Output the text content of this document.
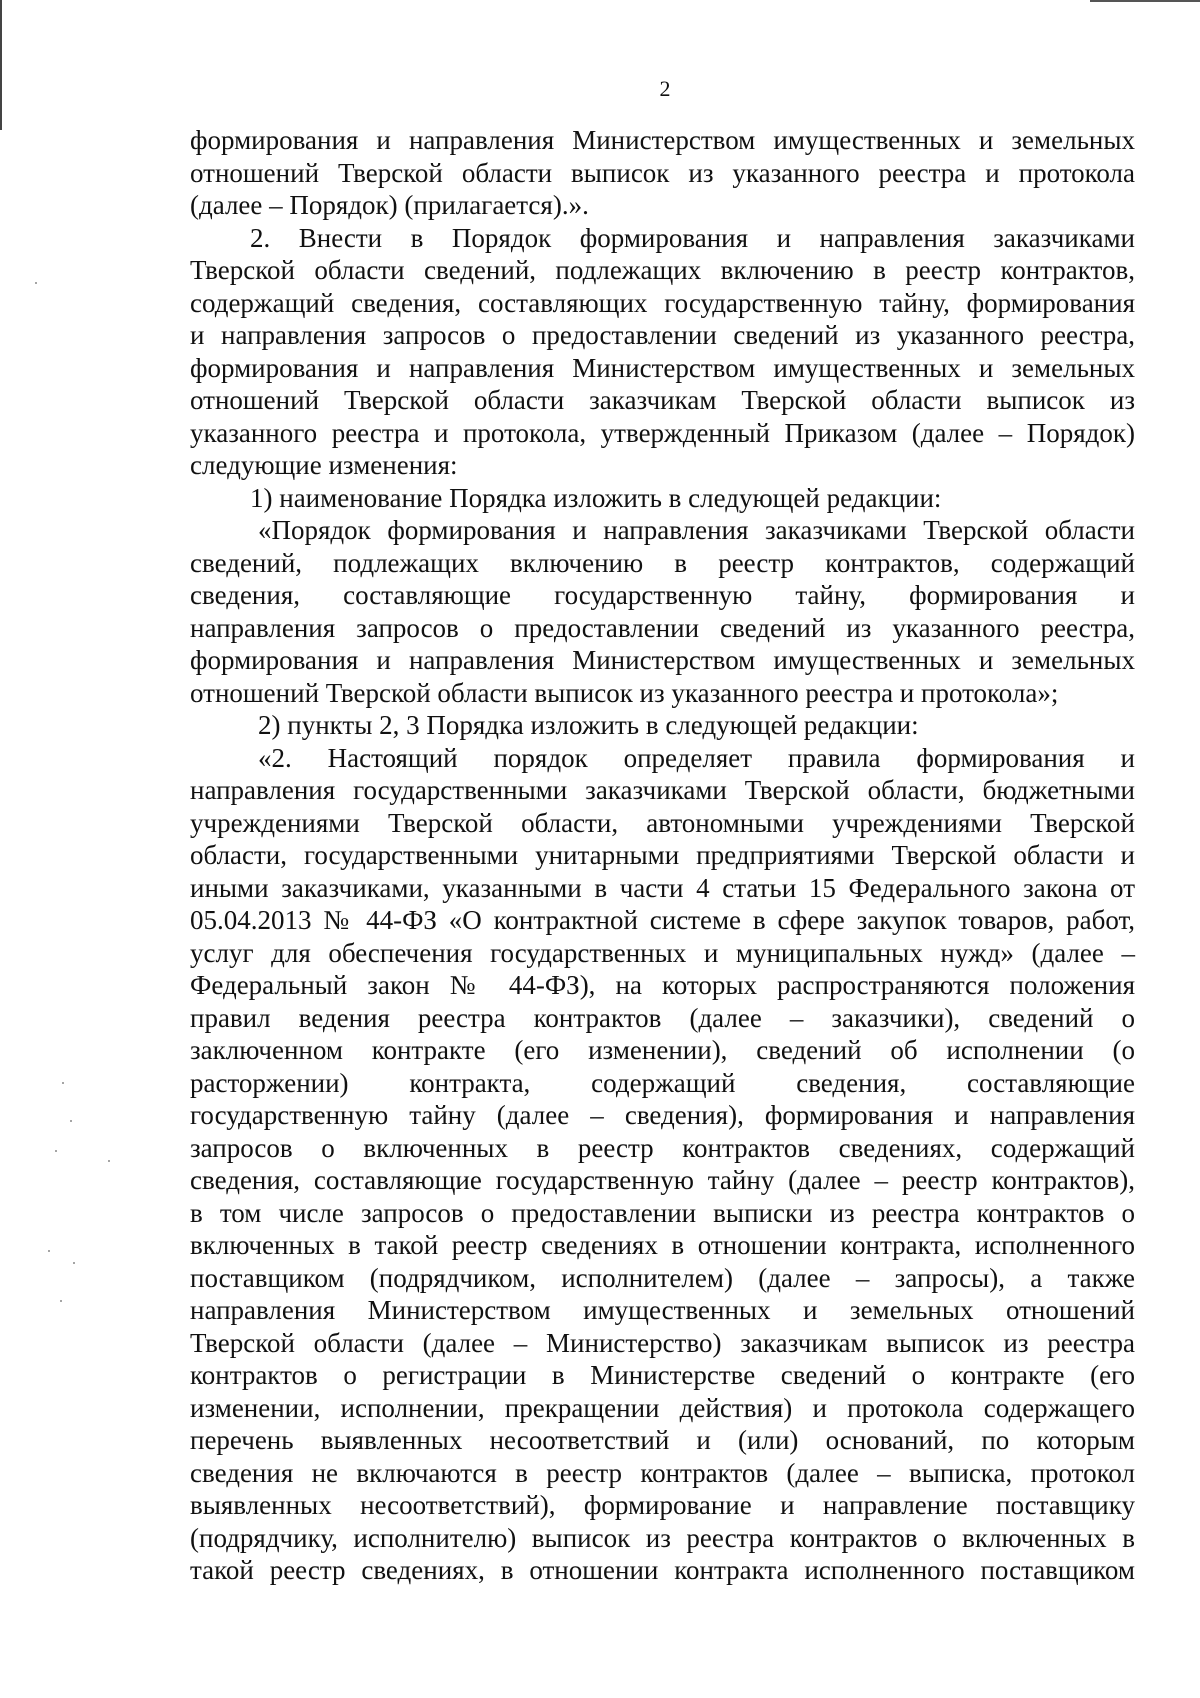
2
формирования и направления Министерством имущественных и земельных
отношений Тверской области выписок из указанного реестра и протокола
(далее – Порядок) (прилагается).».
2. Внести в Порядок формирования и направления заказчиками
Тверской области сведений, подлежащих включению в реестр контрактов,
содержащий сведения, составляющих государственную тайну, формирования
и направления запросов о предоставлении сведений из указанного реестра,
формирования и направления Министерством имущественных и земельных
отношений Тверской области заказчикам Тверской области выписок из
указанного реестра и протокола, утвержденный Приказом (далее – Порядок)
следующие изменения:
1) наименование Порядка изложить в следующей редакции:
«Порядок формирования и направления заказчиками Тверской области
сведений, подлежащих включению в реестр контрактов, содержащий
сведения, составляющие государственную тайну, формирования и
направления запросов о предоставлении сведений из указанного реестра,
формирования и направления Министерством имущественных и земельных
отношений Тверской области выписок из указанного реестра и протокола»;
2) пункты 2, 3 Порядка изложить в следующей редакции:
«2. Настоящий порядок определяет правила формирования и
направления государственными заказчиками Тверской области, бюджетными
учреждениями Тверской области, автономными учреждениями Тверской
области, государственными унитарными предприятиями Тверской области и
иными заказчиками, указанными в части 4 статьи 15 Федерального закона от
05.04.2013 № 44-ФЗ «О контрактной системе в сфере закупок товаров, работ,
услуг для обеспечения государственных и муниципальных нужд» (далее –
Федеральный закон № 44-ФЗ), на которых распространяются положения
правил ведения реестра контрактов (далее – заказчики), сведений о
заключенном контракте (его изменении), сведений об исполнении (о
расторжении) контракта, содержащий сведения, составляющие
государственную тайну (далее – сведения), формирования и направления
запросов о включенных в реестр контрактов сведениях, содержащий
сведения, составляющие государственную тайну (далее – реестр контрактов),
в том числе запросов о предоставлении выписки из реестра контрактов о
включенных в такой реестр сведениях в отношении контракта, исполненного
поставщиком (подрядчиком, исполнителем) (далее – запросы), а также
направления Министерством имущественных и земельных отношений
Тверской области (далее – Министерство) заказчикам выписок из реестра
контрактов о регистрации в Министерстве сведений о контракте (его
изменении, исполнении, прекращении действия) и протокола содержащего
перечень выявленных несоответствий и (или) оснований, по которым
сведения не включаются в реестр контрактов (далее – выписка, протокол
выявленных несоответствий), формирование и направление поставщику
(подрядчику, исполнителю) выписок из реестра контрактов о включенных в
такой реестр сведениях, в отношении контракта исполненного поставщиком
